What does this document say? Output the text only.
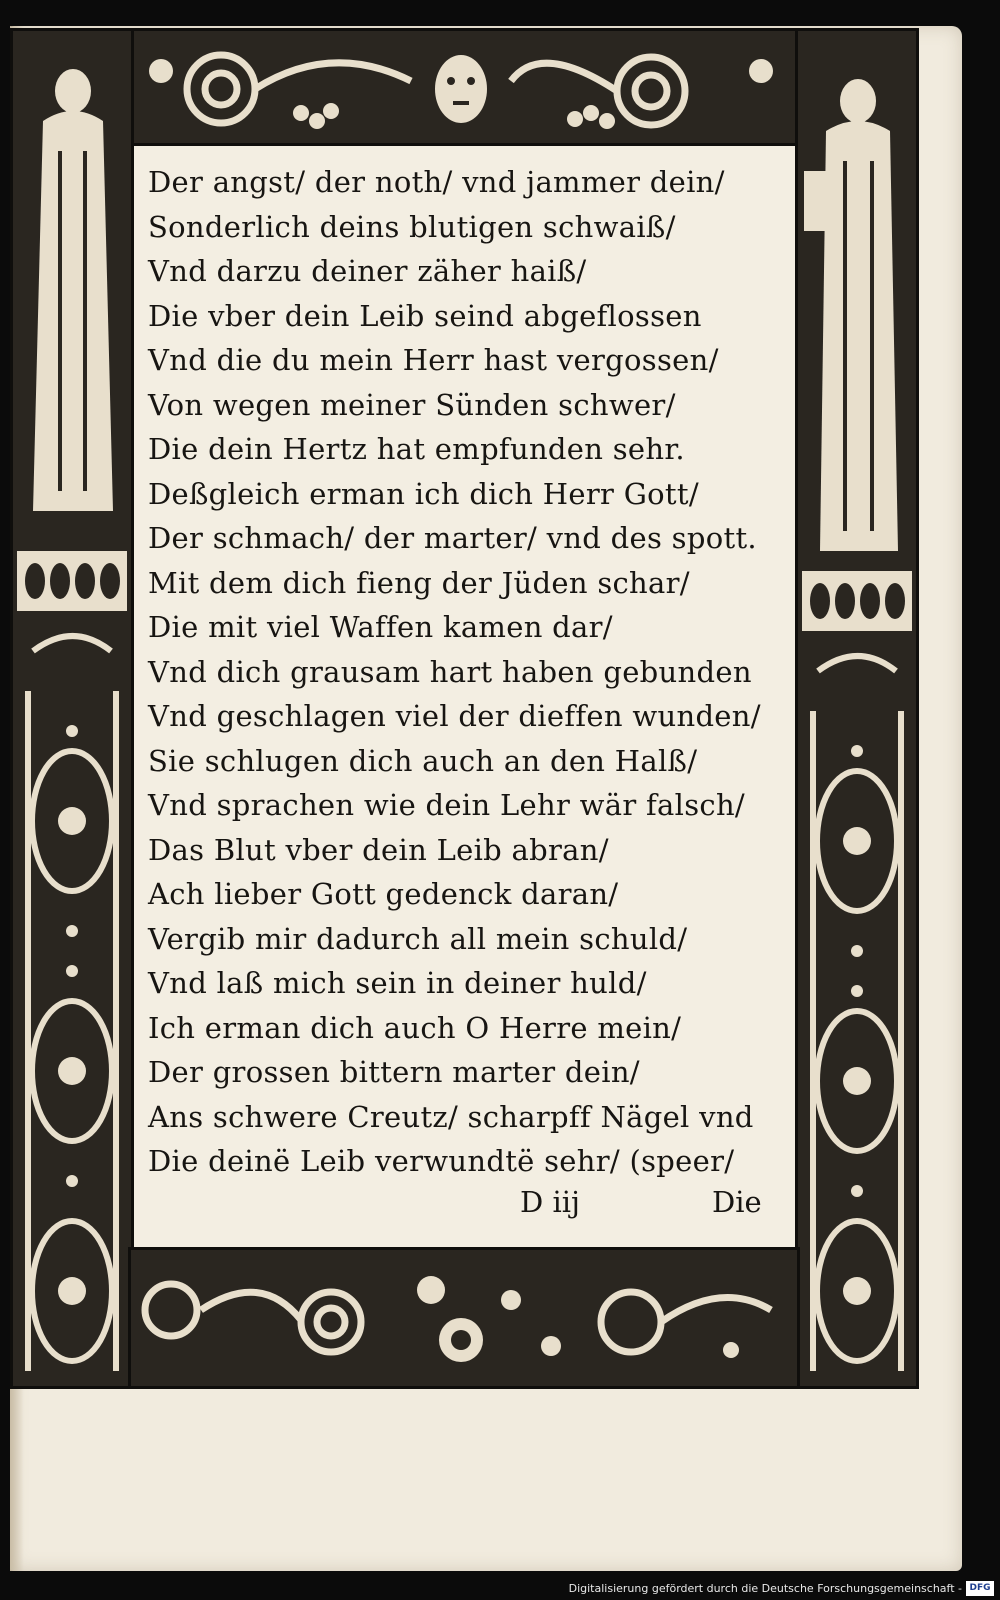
Der angst/ der noth/ vnd jammer dein/
Sonderlich deins blutigen schwaiß/
Vnd darzu deiner zäher haiß/
Die vber dein Leib seind abgeflossen
Vnd die du mein Herr hast vergossen/
Von wegen meiner Sünden schwer/
Die dein Hertz hat empfunden sehr.
Deßgleich erman ich dich Herr Gott/
Der schmach/ der marter/ vnd des spott.
Mit dem dich fieng der Jüden schar/
Die mit viel Waffen kamen dar/
Vnd dich grausam hart haben gebunden
Vnd geschlagen viel der dieffen wunden/
Sie schlugen dich auch an den Halß/
Vnd sprachen wie dein Lehr wär falsch/
Das Blut vber dein Leib abran/
Ach lieber Gott gedenck daran/
Vergib mir dadurch all mein schuld/
Vnd laß mich sein in deiner huld/
Ich erman dich auch O Herre mein/
Der grossen bittern marter dein/
Ans schwere Creutz/ scharpff Nägel vnd
Die deinë Leib verwundtë sehr/ (speer/
D iij	Die
Digitalisierung gefördert durch die Deutsche Forschungsgemeinschaft - DFG
